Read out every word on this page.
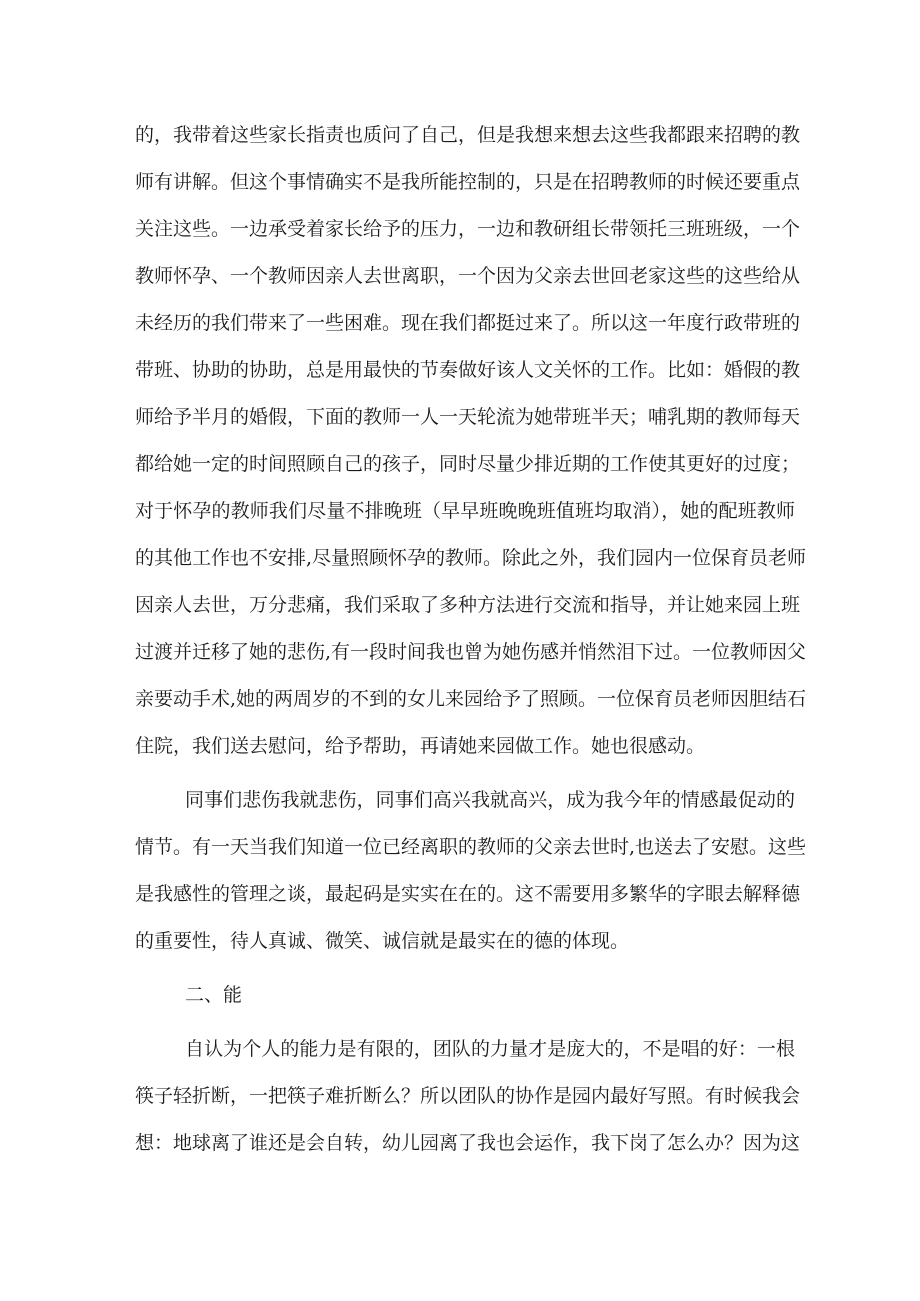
的，我带着这些家长指责也质问了自己，但是我想来想去这些我都跟来招聘的教
师有讲解。但这个事情确实不是我所能控制的，只是在招聘教师的时候还要重点
关注这些。一边承受着家长给予的压力，一边和教研组长带领托三班班级，一个
教师怀孕、一个教师因亲人去世离职，一个因为父亲去世回老家这些的这些给从
未经历的我们带来了一些困难。现在我们都挺过来了。所以这一年度行政带班的
带班、协助的协助，总是用最快的节奏做好该人文关怀的工作。比如：婚假的教
师给予半月的婚假，下面的教师一人一天轮流为她带班半天；哺乳期的教师每天
都给她一定的时间照顾自己的孩子，同时尽量少排近期的工作使其更好的过度；
对于怀孕的教师我们尽量不排晚班（早早班晚晚班值班均取消），她的配班教师
的其他工作也不安排,尽量照顾怀孕的教师。除此之外，我们园内一位保育员老师
因亲人去世，万分悲痛，我们采取了多种方法进行交流和指导，并让她来园上班
过渡并迁移了她的悲伤,有一段时间我也曾为她伤感并悄然泪下过。一位教师因父
亲要动手术,她的两周岁的不到的女儿来园给予了照顾。一位保育员老师因胆结石
住院，我们送去慰问，给予帮助，再请她来园做工作。她也很感动。
同事们悲伤我就悲伤，同事们高兴我就高兴，成为我今年的情感最促动的
情节。有一天当我们知道一位已经离职的教师的父亲去世时,也送去了安慰。这些
是我感性的管理之谈，最起码是实实在在的。这不需要用多繁华的字眼去解释德
的重要性，待人真诚、微笑、诚信就是最实在的德的体现。
二、能
自认为个人的能力是有限的，团队的力量才是庞大的，不是唱的好：一根
筷子轻折断，一把筷子难折断么？所以团队的协作是园内最好写照。有时候我会
想：地球离了谁还是会自转，幼儿园离了我也会运作，我下岗了怎么办？因为这
